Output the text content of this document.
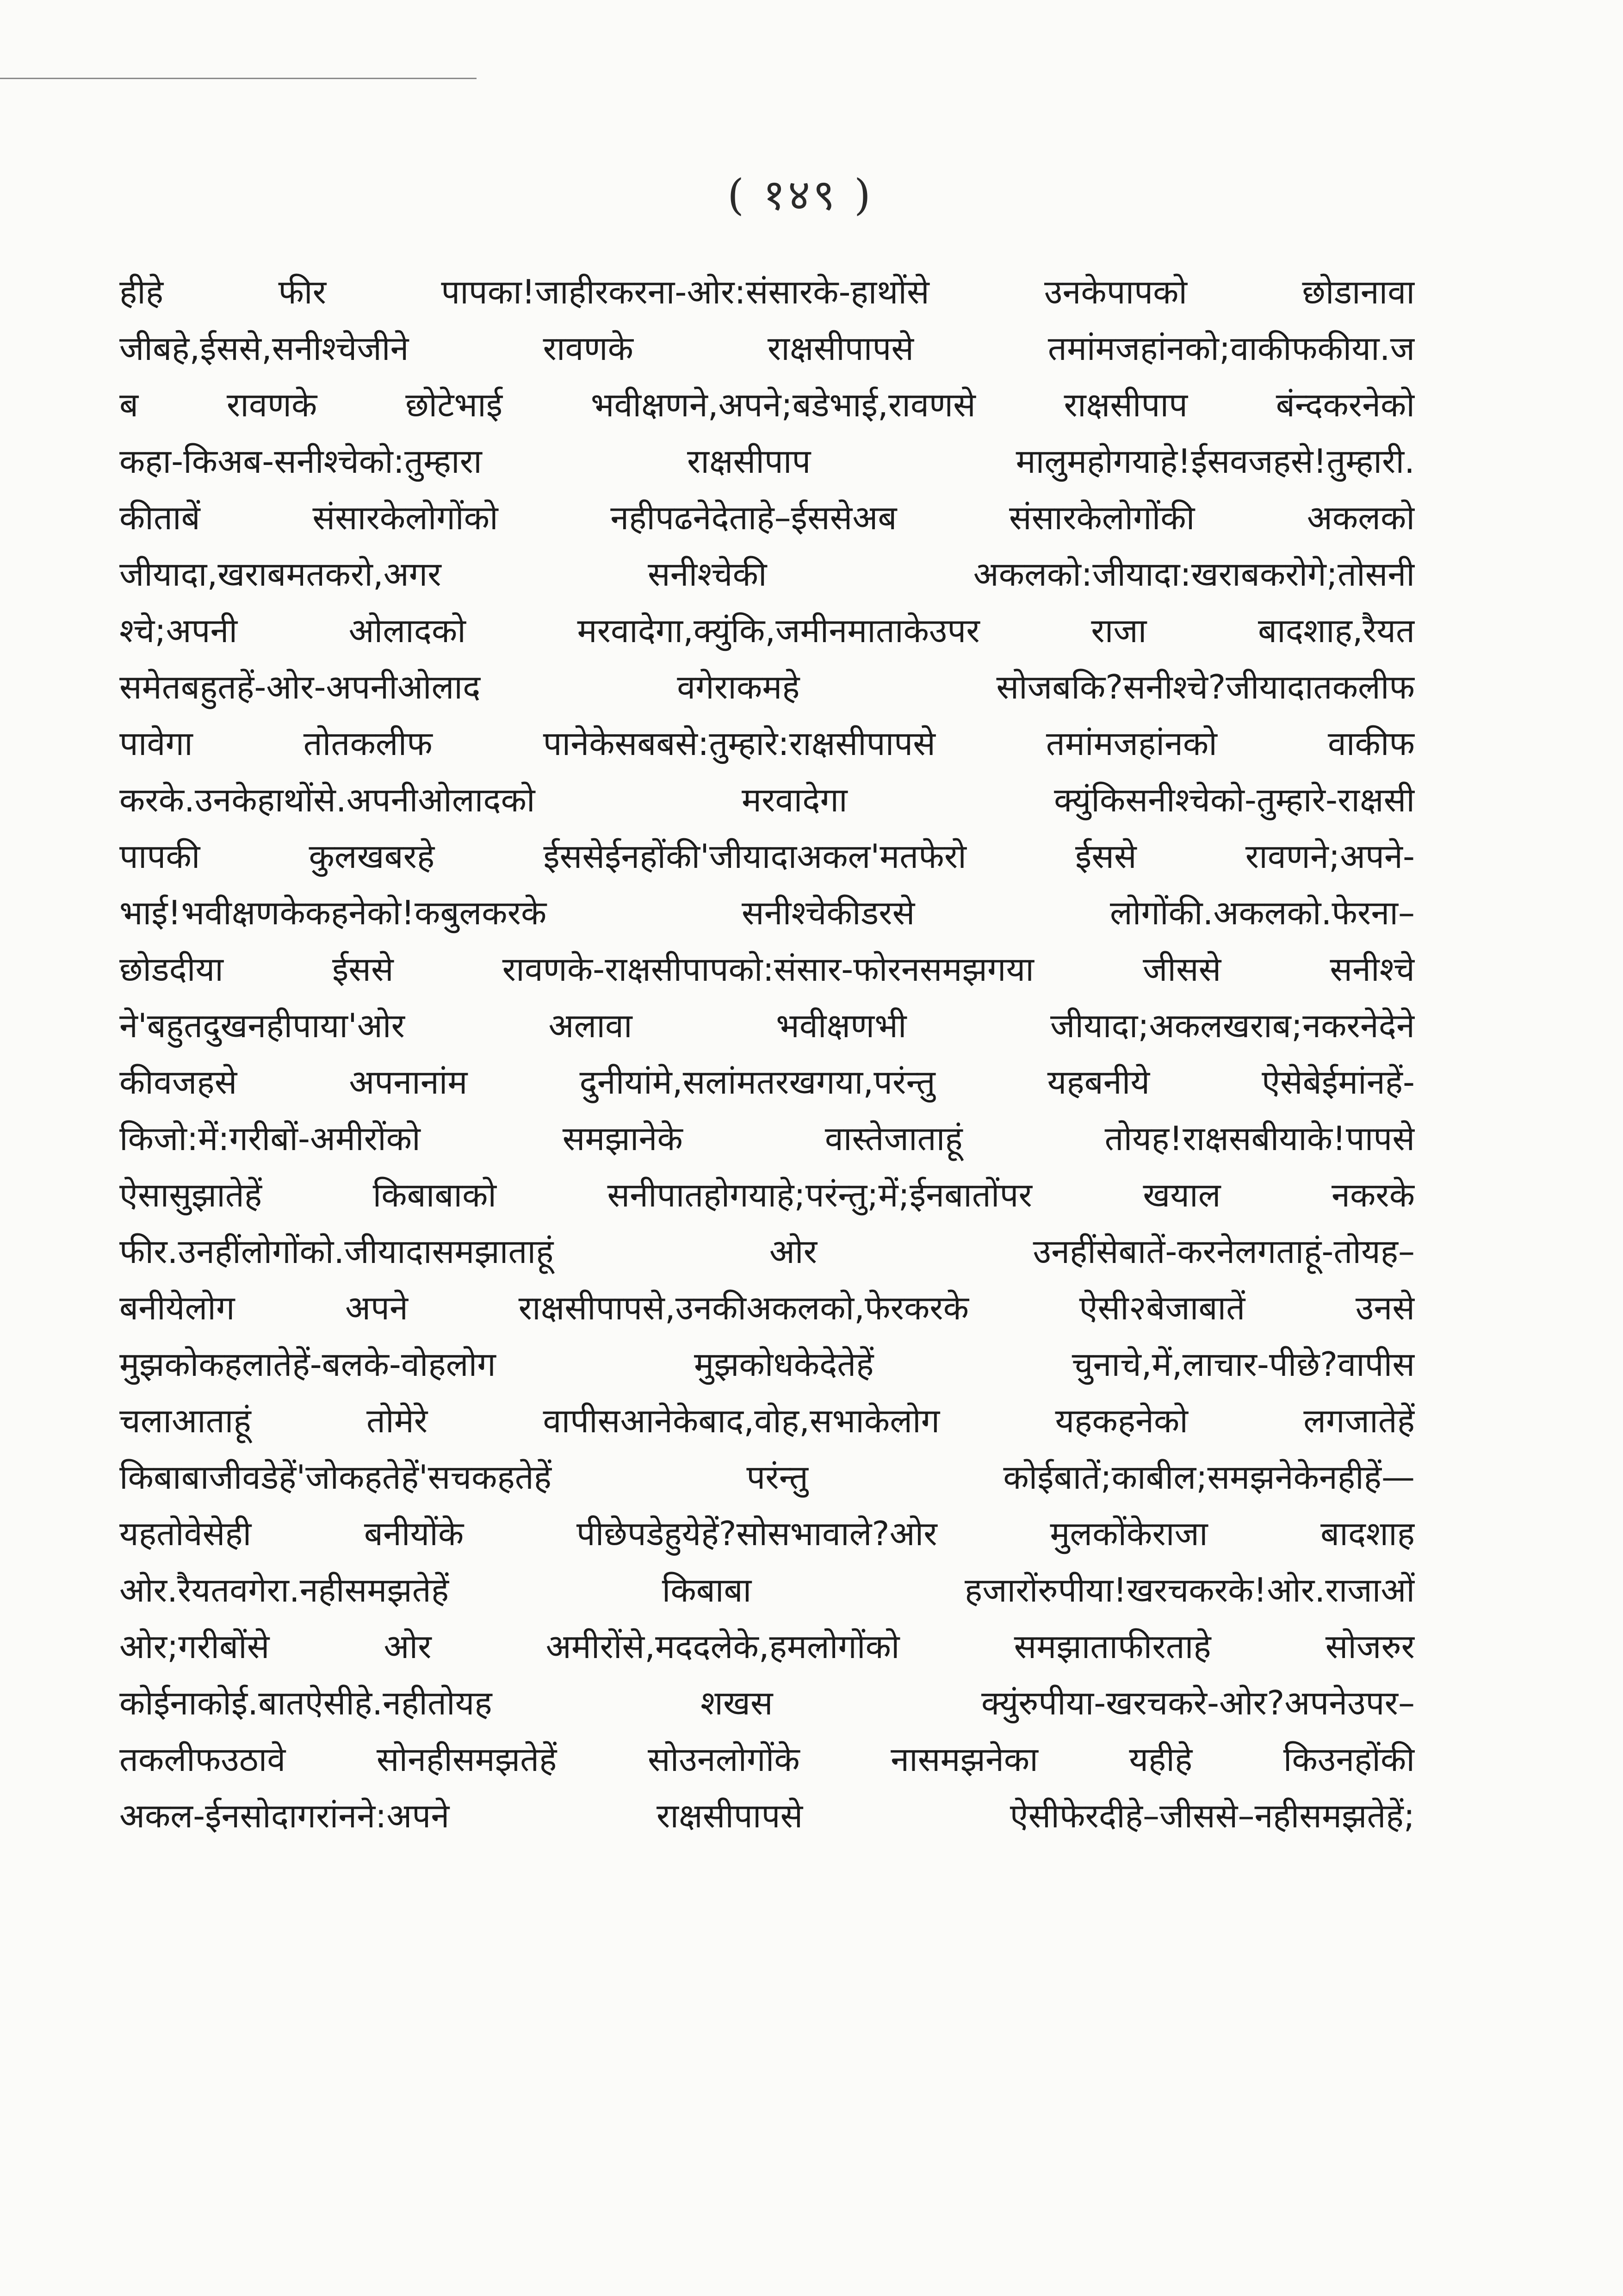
( १४९ )
हीहे फीर पापका!जाहीरकरना-ओर:संसारके-हाथोंसे उनकेपापको छोडानावा
जीबहे,ईससे,सनीश्चेजीने रावणके राक्षसीपापसे तमांमजहांनको;वाकीफकीया.ज
ब रावणके छोटेभाई भवीक्षणने,अपने;बडेभाई,रावणसे राक्षसीपाप बंन्दकरनेको
कहा-किअब-सनीश्चेको:तुम्हारा राक्षसीपाप मालुमहोगयाहे!ईसवजहसे!तुम्हारी.
कीताबें संसारकेलोगोंको नहीपढनेदेताहे–ईससेअब संसारकेलोगोंकी अकलको
जीयादा,खराबमतकरो,अगर सनीश्चेकी अकलको:जीयादा:खराबकरोगे;तोसनी
श्चे;अपनी ओलादको मरवादेगा,क्युंकि,जमीनमाताकेउपर राजा बादशाह,रैयत
समेतबहुतहें-ओर-अपनीओलाद वगेराकमहे सोजबकि?सनीश्चे?जीयादातकलीफ
पावेगा तोतकलीफ पानेकेसबबसे:तुम्हारे:राक्षसीपापसे तमांमजहांनको वाकीफ
करके.उनकेहाथोंसे.अपनीओलादको मरवादेगा क्युंकिसनीश्चेको-तुम्हारे-राक्षसी
पापकी कुलखबरहे ईससेईनहोंकी'जीयादाअकल'मतफेरो ईससे रावणने;अपने-
भाई!भवीक्षणकेकहनेको!कबुलकरके सनीश्चेकीडरसे लोगोंकी.अकलको.फेरना–
छोडदीया ईससे रावणके-राक्षसीपापको:संसार-फोरनसमझगया जीससे सनीश्चे
ने'बहुतदुखनहीपाया'ओर अलावा भवीक्षणभी जीयादा;अकलखराब;नकरनेदेने
कीवजहसे अपनानांम दुनीयांमे,सलांमतरखगया,परंन्तु यहबनीये ऐसेबेईमांनहें-
किजो:में:गरीबों-अमीरोंको समझानेके वास्तेजाताहूं तोयह!राक्षसबीयाके!पापसे
ऐसासुझातेहें किबाबाको सनीपातहोगयाहे;परंन्तु;में;ईनबातोंपर खयाल नकरके
फीर.उनहींलोगोंको.जीयादासमझाताहूं ओर उनहींसेबातें-करनेलगताहूं-तोयह–
बनीयेलोग अपने राक्षसीपापसे,उनकीअकलको,फेरकरके ऐसी२बेजाबातें उनसे
मुझकोकहलातेहें-बलके-वोहलोग मुझकोधकेदेतेहें चुनाचे,में,लाचार-पीछे?वापीस
चलाआताहूं तोमेरे वापीसआनेकेबाद,वोह,सभाकेलोग यहकहनेको लगजातेहें
किबाबाजीवडेहें'जोकहतेहें'सचकहतेहें परंन्तु कोईबातें;काबील;समझनेकेनहीहें—
यहतोवेसेही बनीयोंके पीछेपडेहुयेहें?सोसभावाले?ओर मुलकोंकेराजा बादशाह
ओर.रैयतवगेरा.नहीसमझतेहें किबाबा हजारोंरुपीया!खरचकरके!ओर.राजाओं
ओर;गरीबोंसे ओर अमीरोंसे,मददलेके,हमलोगोंको समझाताफीरताहे सोजरुर
कोईनाकोई.बातऐसीहे.नहीतोयह शखस क्युंरुपीया-खरचकरे-ओर?अपनेउपर–
तकलीफउठावे सोनहीसमझतेहें सोउनलोगोंके नासमझनेका यहीहे किउनहोंकी
अकल-ईनसोदागरांनने:अपने राक्षसीपापसे ऐसीफेरदीहे–जीससे–नहीसमझतेहें;
